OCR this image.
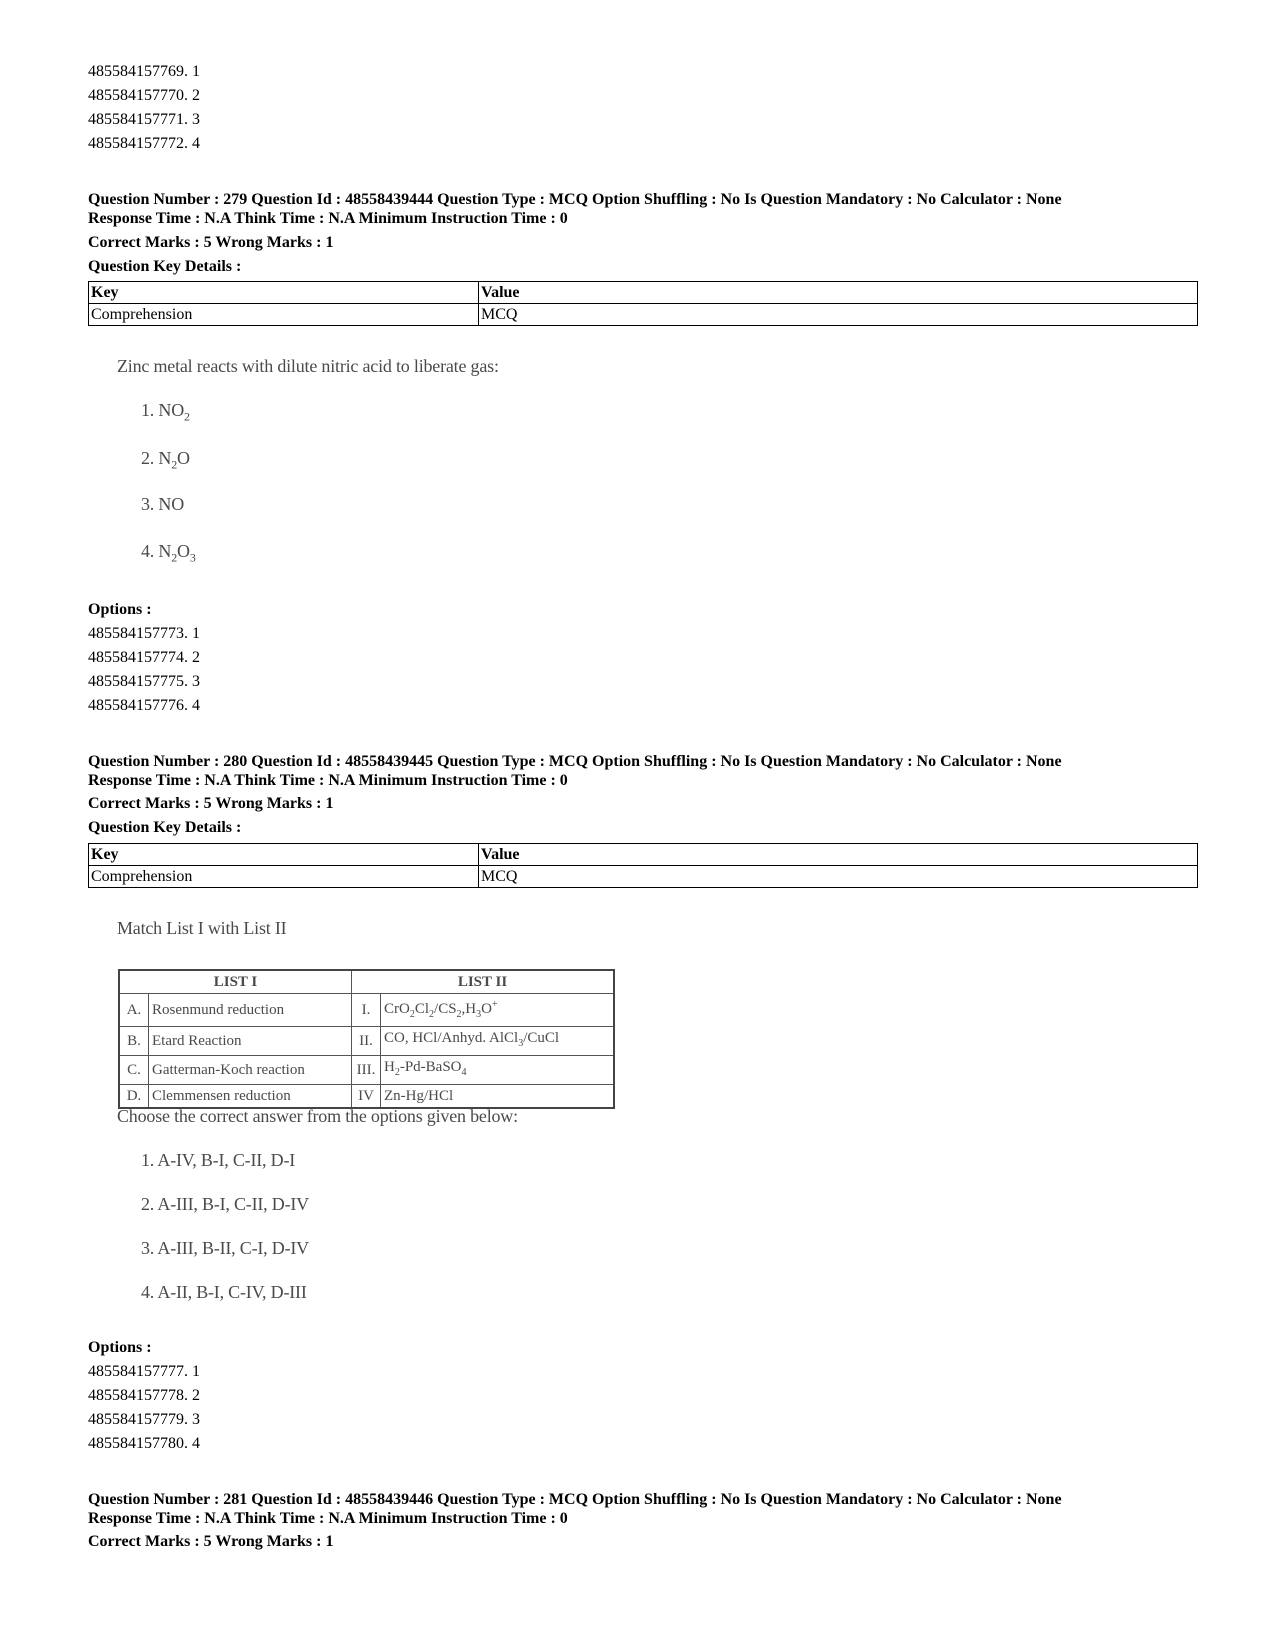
485584157769. 1
485584157770. 2
485584157771. 3
485584157772. 4
Question Number : 279 Question Id : 48558439444 Question Type : MCQ Option Shuffling : No Is Question Mandatory : No Calculator : None
Response Time : N.A Think Time : N.A Minimum Instruction Time : 0
Correct Marks : 5 Wrong Marks : 1
Question Key Details :
Key	Value
Comprehension	MCQ
Zinc metal reacts with dilute nitric acid to liberate gas:
1. $NO_2$
2. $N_2O$
3. NO
4. $N_2O_3$
Options :
485584157773. 1
485584157774. 2
485584157775. 3
485584157776. 4
Question Number : 280 Question Id : 48558439445 Question Type : MCQ Option Shuffling : No Is Question Mandatory : No Calculator : None
Response Time : N.A Think Time : N.A Minimum Instruction Time : 0
Correct Marks : 5 Wrong Marks : 1
Question Key Details :
Key	Value
Comprehension	MCQ
Match List I with List II
LIST I		LIST II	
A.	Rosenmund reduction	I.	$CrO_2Cl_2/CS_2,H_3O^+$
B.	Etard Reaction	II.	CO, HCl/Anhyd. AlCl$_3$/CuCl
C.	Gatterman-Koch reaction	III.	$H_2-Pd-BaSO_4$
D.	Clemmensen reduction	IV	Zn-Hg/HCl
Choose the correct answer from the options given below:
1. A-IV, B-I, C-II, D-I
2. A-III, B-I, C-II, D-IV
3. A-III, B-II, C-I, D-IV
4. A-II, B-I, C-IV, D-III
Options :
485584157777. 1
485584157778. 2
485584157779. 3
485584157780. 4
Question Number : 281 Question Id : 48558439446 Question Type : MCQ Option Shuffling : No Is Question Mandatory : No Calculator : None
Response Time : N.A Think Time : N.A Minimum Instruction Time : 0
Correct Marks : 5 Wrong Marks : 1
